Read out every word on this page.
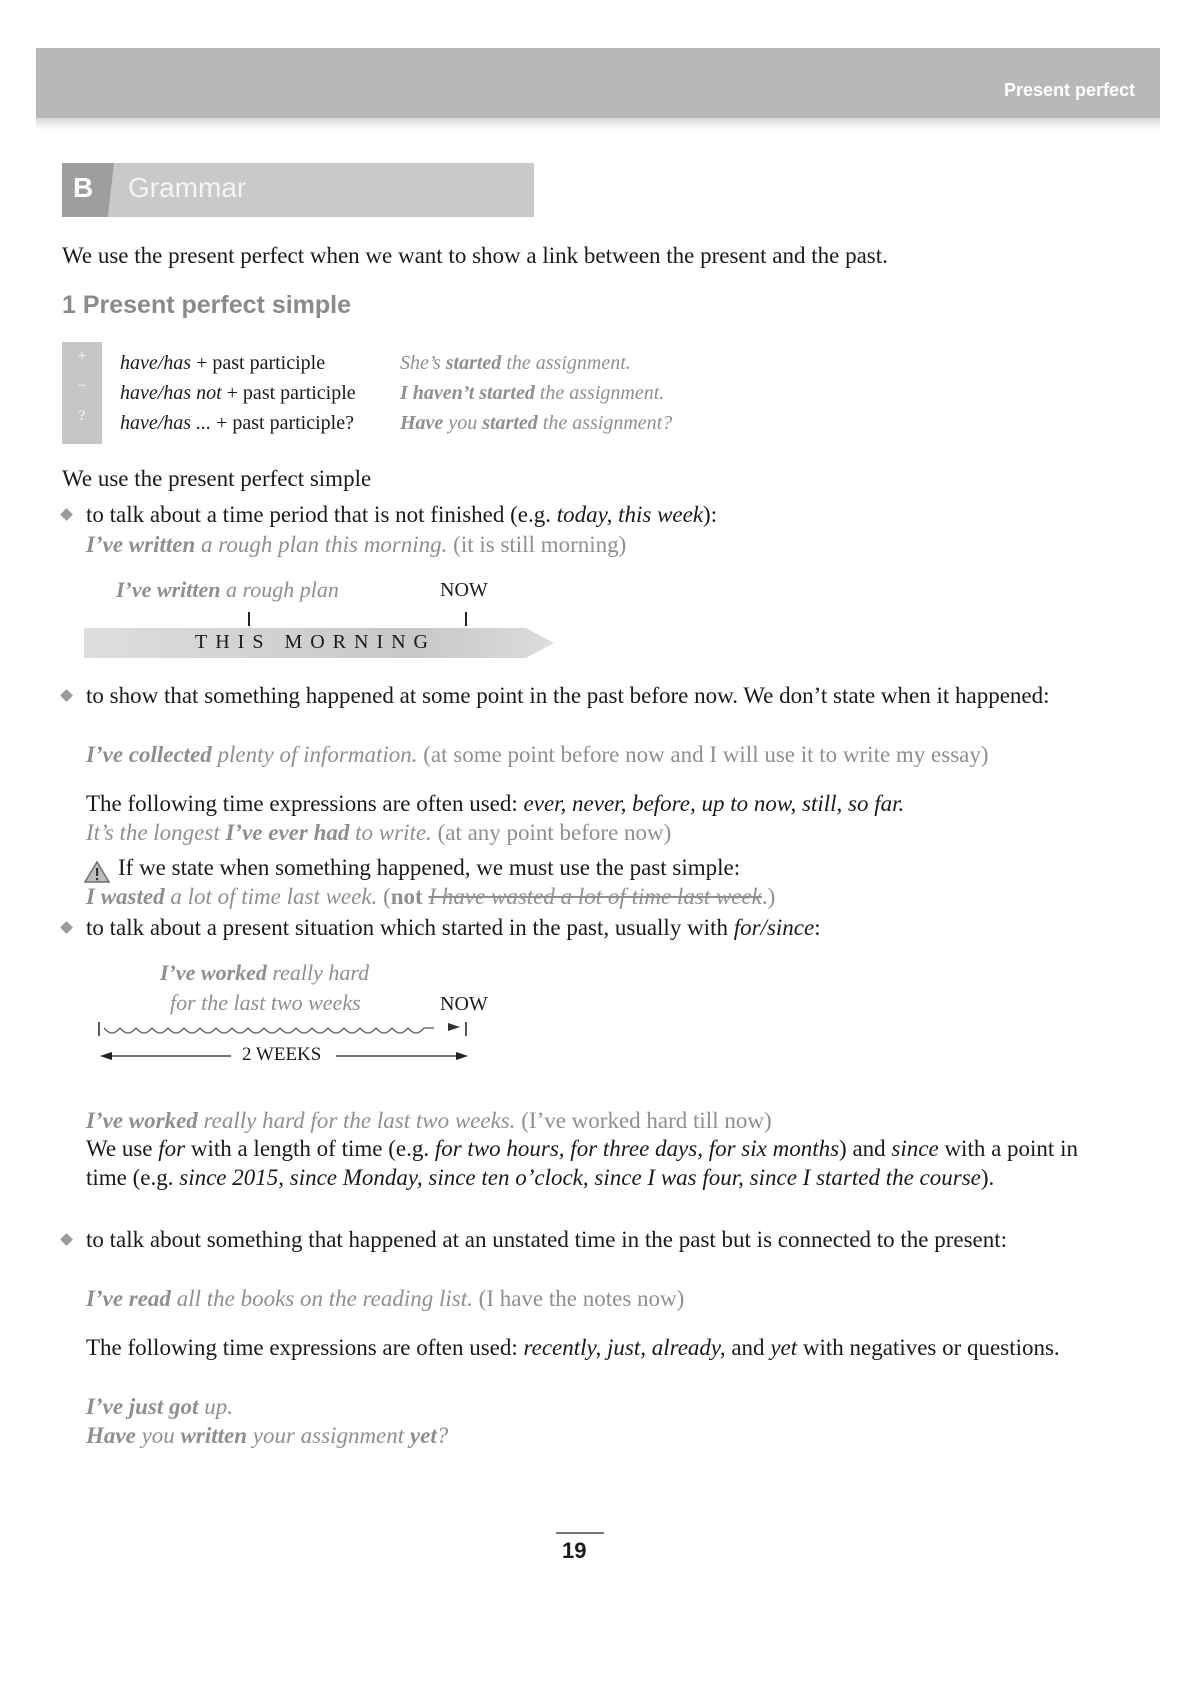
Present perfect
B Grammar
We use the present perfect when we want to show a link between the present and the past.
1 Present perfect simple
+
−
?
have/has + past participle
have/has not + past participle
have/has ... + past participle?
She’s started the assignment.
I haven’t started the assignment.
Have you started the assignment?
We use the present perfect simple
to talk about a time period that is not finished (e.g. today, this week):
I’ve written a rough plan this morning. (it is still morning)
I’ve written a rough plan	NOW
THIS MORNING
to show that something happened at some point in the past before now. We don’t state when it happened:
I’ve collected plenty of information. (at some point before now and I will use it to write my essay)
The following time expressions are often used: ever, never, before, up to now, still, so far.
It’s the longest I’ve ever had to write. (at any point before now)
If we state when something happened, we must use the past simple:
I wasted a lot of time last week. (not I have wasted a lot of time last week.)
to talk about a present situation which started in the past, usually with for/since:
I’ve worked really hard
for the last two weeks	NOW
2 WEEKS
I’ve worked really hard for the last two weeks. (I’ve worked hard till now)
We use for with a length of time (e.g. for two hours, for three days, for six months) and since with a point in time (e.g. since 2015, since Monday, since ten o’clock, since I was four, since I started the course).
to talk about something that happened at an unstated time in the past but is connected to the present:
I’ve read all the books on the reading list. (I have the notes now)
The following time expressions are often used: recently, just, already, and yet with negatives or questions.
I’ve just got up.
Have you written your assignment yet?
19
